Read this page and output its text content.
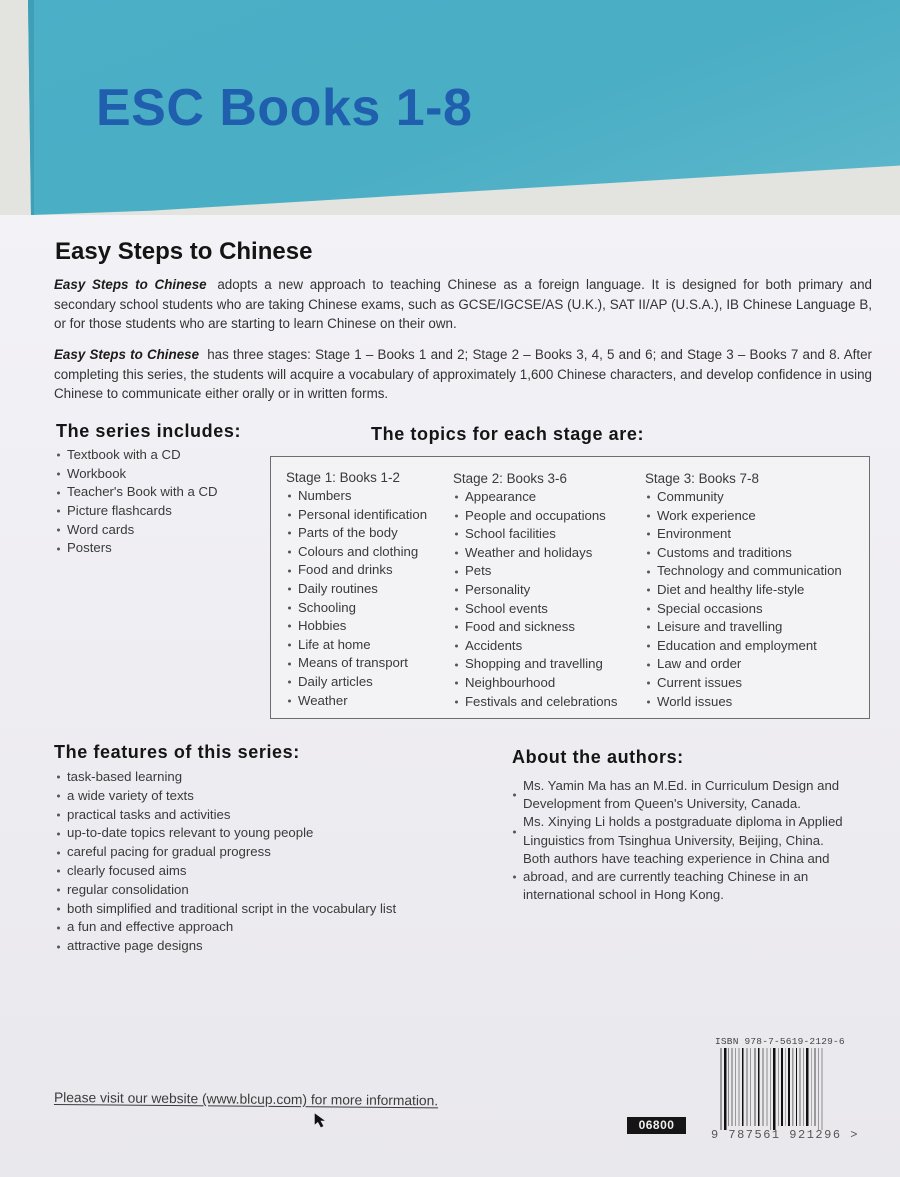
ESC Books 1-8
Easy Steps to Chinese

Easy Steps to Chinese adopts a new approach to teaching Chinese as a foreign language. It is designed for both primary and secondary school students who are taking Chinese exams, such as GCSE/IGCSE/AS (U.K.), SAT II/AP (U.S.A.), IB Chinese Language B, or for those students who are starting to learn Chinese on their own.

Easy Steps to Chinese has three stages: Stage 1 – Books 1 and 2; Stage 2 – Books 3, 4, 5 and 6; and Stage 3 – Books 7 and 8. After completing this series, the students will acquire a vocabulary of approximately 1,600 Chinese characters, and develop confidence in using Chinese to communicate either orally or in written forms.

The series includes:
Textbook with a CD
Workbook
Teacher's Book with a CD
Picture flashcards
Word cards
Posters
The topics for each stage are:
Stage 1: Books 1-2
Numbers
Personal identification
Parts of the body
Colours and clothing
Food and drinks
Daily routines
Schooling
Hobbies
Life at home
Means of transport
Daily articles
Weather
Stage 2: Books 3-6
Appearance
People and occupations
School facilities
Weather and holidays
Pets
Personality
School events
Food and sickness
Accidents
Shopping and travelling
Neighbourhood
Festivals and celebrations
Stage 3: Books 7-8
Community
Work experience
Environment
Customs and traditions
Technology and communication
Diet and healthy life-style
Special occasions
Leisure and travelling
Education and employment
Law and order
Current issues
World issues
The features of this series:
task-based learning
a wide variety of texts
practical tasks and activities
up-to-date topics relevant to young people
careful pacing for gradual progress
clearly focused aims
regular consolidation
both simplified and traditional script in the vocabulary list
a fun and effective approach
attractive page designs
About the authors:
Ms. Yamin Ma has an M.Ed. in Curriculum Design and Development from Queen's University, Canada.
Ms. Xinying Li holds a postgraduate diploma in Applied Linguistics from Tsinghua University, Beijing, China.
Both authors have teaching experience in China and abroad, and are currently teaching Chinese in an international school in Hong Kong.
Please visit our website (www.blcup.com) for more information.
06800
ISBN 978-7-5619-2129-6
9 787561 921296 >
